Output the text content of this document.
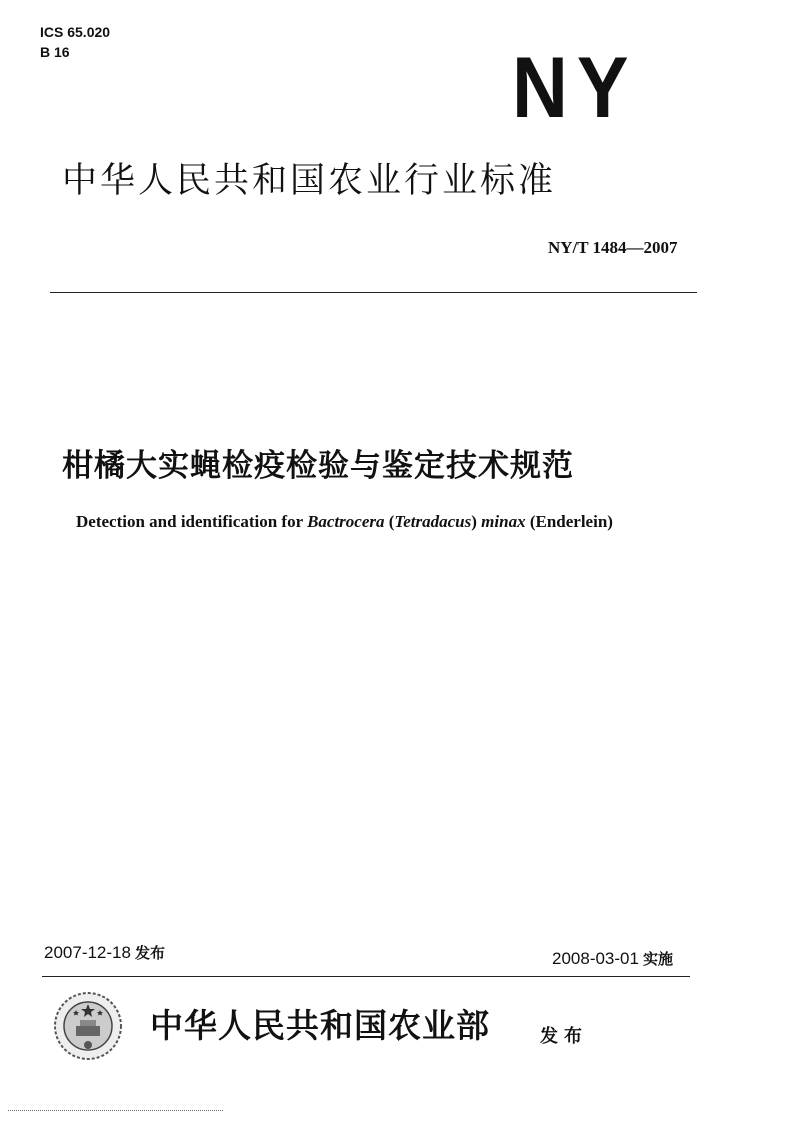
ICS 65.020
B 16	NY
中华人民共和国农业行业标准
NY/T 1484—2007
柑橘大实蝇检疫检验与鉴定技术规范
Detection and identification for Bactrocera (Tetradacus) minax (Enderlein)
2007-12-18 发布	2008-03-01 实施
中华人民共和国农业部	发布
